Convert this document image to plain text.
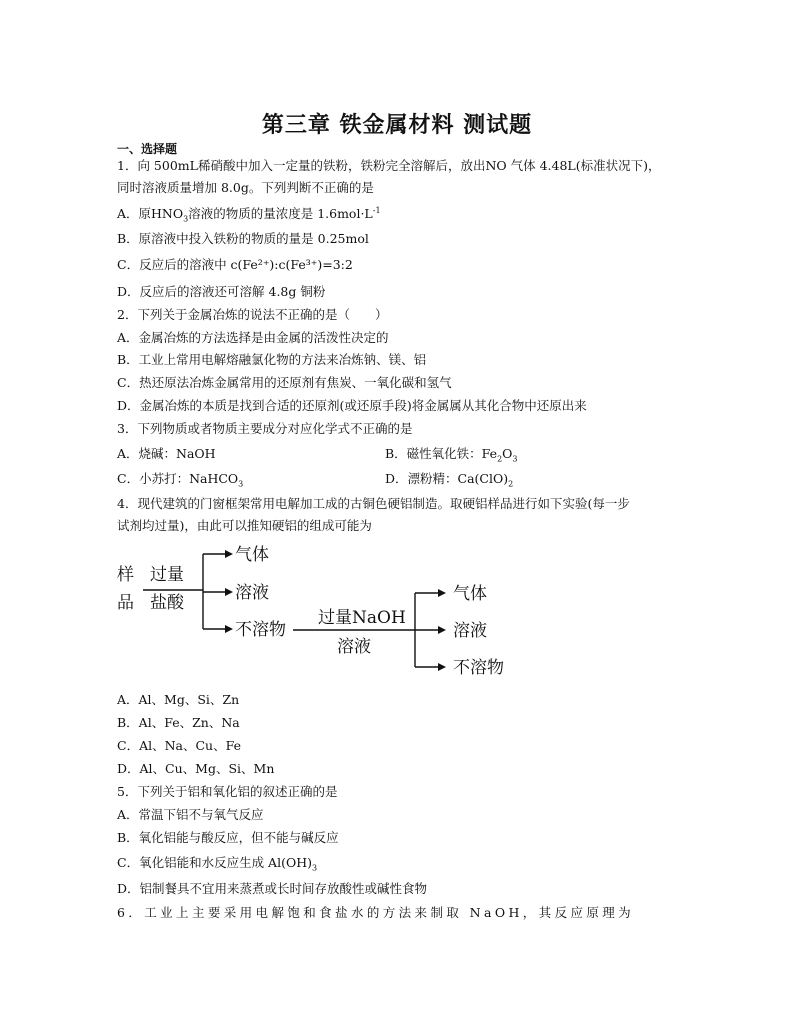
第三章 铁金属材料 测试题
一、选择题
1．向 500mL稀硝酸中加入一定量的铁粉，铁粉完全溶解后，放出NO 气体 4.48L(标准状况下)，
同时溶液质量增加 8.0g。下列判断不正确的是
A．原$HNO_3$溶液的物质的量浓度是 $1.6mol\cdot L^{-1}$
B．原溶液中投入铁粉的物质的量是 0.25mol
C．反应后的溶液中 c(Fe²⁺):c(Fe³⁺)=3:2
D．反应后的溶液还可溶解 4.8g 铜粉
2．下列关于金属冶炼的说法不正确的是（　　）
A．金属冶炼的方法选择是由金属的活泼性决定的
B．工业上常用电解熔融氯化物的方法来冶炼钠、镁、铝
C．热还原法冶炼金属常用的还原剂有焦炭、一氧化碳和氢气
D．金属冶炼的本质是找到合适的还原剂(或还原手段)将金属属从其化合物中还原出来
3．下列物质或者物质主要成分对应化学式不正确的是
A．烧碱：NaOH	B．磁性氧化铁：$Fe_2O_3$
C．小苏打：NaHCO$_3$	D．漂粉精：$Ca(ClO)_2$
4．现代建筑的门窗框架常用电解加工成的古铜色硬铝制造。取硬铝样品进行如下实验(每一步
试剂均过量)，由此可以推知硬铝的组成可能为
样
品
过量
盐酸
气体
溶液
不溶物
过量NaOH
溶液
气体
溶液
不溶物
A．Al、Mg、Si、Zn
B．Al、Fe、Zn、Na
C．Al、Na、Cu、Fe
D．Al、Cu、Mg、Si、Mn
5．下列关于铝和氧化铝的叙述正确的是
A．常温下铝不与氧气反应
B．氧化铝能与酸反应，但不能与碱反应
C．氧化铝能和水反应生成 $Al(OH)_3$
D．铝制餐具不宜用来蒸煮或长时间存放酸性或碱性食物
6．工业上主要采用电解饱和食盐水的方法来制取 NaOH，其反应原理为
